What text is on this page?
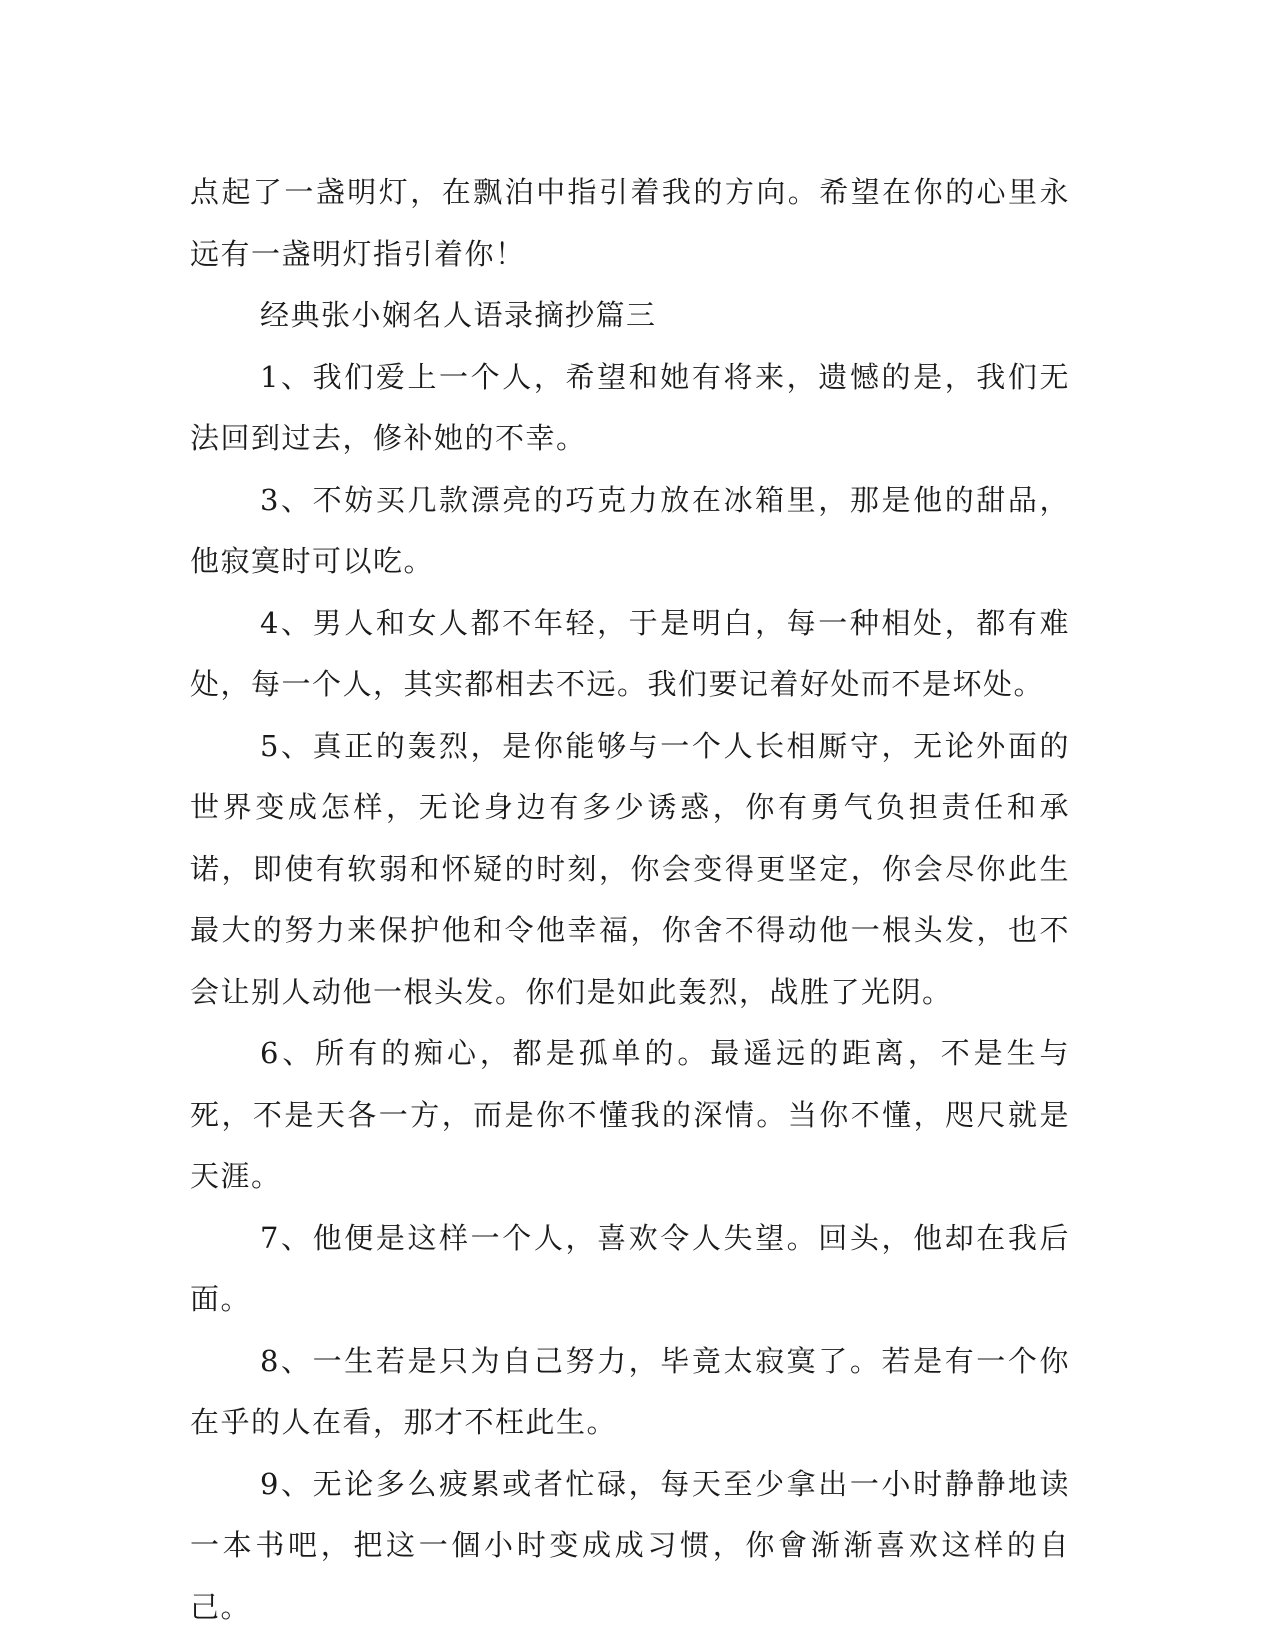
点起了一盏明灯，在飘泊中指引着我的方向。希望在你的心里永远有一盏明灯指引着你！

经典张小娴名人语录摘抄篇三

1、我们爱上一个人，希望和她有将来，遗憾的是，我们无法回到过去，修补她的不幸。

3、不妨买几款漂亮的巧克力放在冰箱里，那是他的甜品，他寂寞时可以吃。

4、男人和女人都不年轻，于是明白，每一种相处，都有难处，每一个人，其实都相去不远。我们要记着好处而不是坏处。

5、真正的轰烈，是你能够与一个人长相厮守，无论外面的世界变成怎样，无论身边有多少诱惑，你有勇气负担责任和承诺，即使有软弱和怀疑的时刻，你会变得更坚定，你会尽你此生最大的努力来保护他和令他幸福，你舍不得动他一根头发，也不会让别人动他一根头发。你们是如此轰烈，战胜了光阴。

6、所有的痴心，都是孤单的。最遥远的距离，不是生与死，不是天各一方，而是你不懂我的深情。当你不懂，咫尺就是天涯。

7、他便是这样一个人，喜欢令人失望。回头，他却在我后面。

8、一生若是只为自己努力，毕竟太寂寞了。若是有一个你在乎的人在看，那才不枉此生。

9、无论多么疲累或者忙碌，每天至少拿出一小时静静地读一本书吧，把这一個小时变成成习惯，你會渐渐喜欢这样的自己。
